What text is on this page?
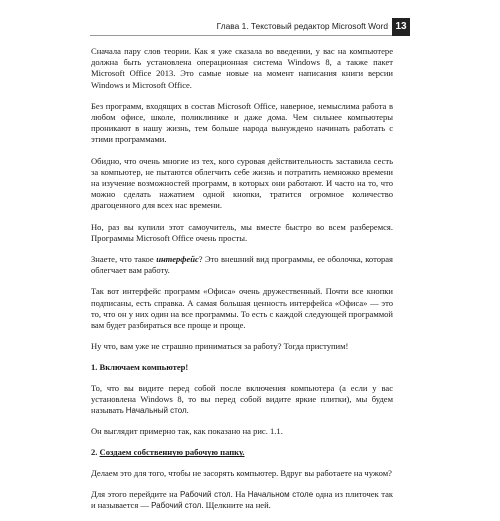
Глава 1. Текстовый редактор Microsoft Word 13

Сначала пару слов теории. Как я уже сказала во введении, у вас на компьютере должна быть установлена операционная система Windows 8, а также пакет Microsoft Office 2013. Это самые новые на момент написания книги версии Windows и Microsoft Office.

Без программ, входящих в состав Microsoft Office, наверное, немыслима работа в любом офисе, школе, поликлинике и даже дома. Чем сильнее компьютеры проникают в нашу жизнь, тем больше народа вынуждено начинать работать с этими программами.

Обидно, что очень многие из тех, кого суровая действительность заставила сесть за компьютер, не пытаются облегчить себе жизнь и потратить немножко времени на изучение возможностей программ, в которых они работают. И часто на то, что можно сделать нажатием одной кнопки, тратится огромное количество драгоценного для всех нас времени.

Но, раз вы купили этот самоучитель, мы вместе быстро во всем разберемся. Программы Microsoft Office очень просты.

Знаете, что такое интерфейс? Это внешний вид программы, ее оболочка, которая облегчает вам работу.

Так вот интерфейс программ «Офиса» очень дружественный. Почти все кнопки подписаны, есть справка. А самая большая ценность интерфейса «Офиса» — это то, что он у них один на все программы. То есть с каждой следующей программой вам будет разбираться все проще и проще.

Ну что, вам уже не страшно приниматься за работу? Тогда приступим!

1. Включаем компьютер!

То, что вы видите перед собой после включения компьютера (а если у вас установлена Windows 8, то вы перед собой видите яркие плитки), мы будем называть Начальный стол.

Он выглядит примерно так, как показано на рис. 1.1.

2. Создаем собственную рабочую папку.

Делаем это для того, чтобы не засорять компьютер. Вдруг вы работаете на чужом?

Для этого перейдите на Рабочий стол. На Начальном столе одна из плиточек так и называется — Рабочий стол. Щелкните на ней.
